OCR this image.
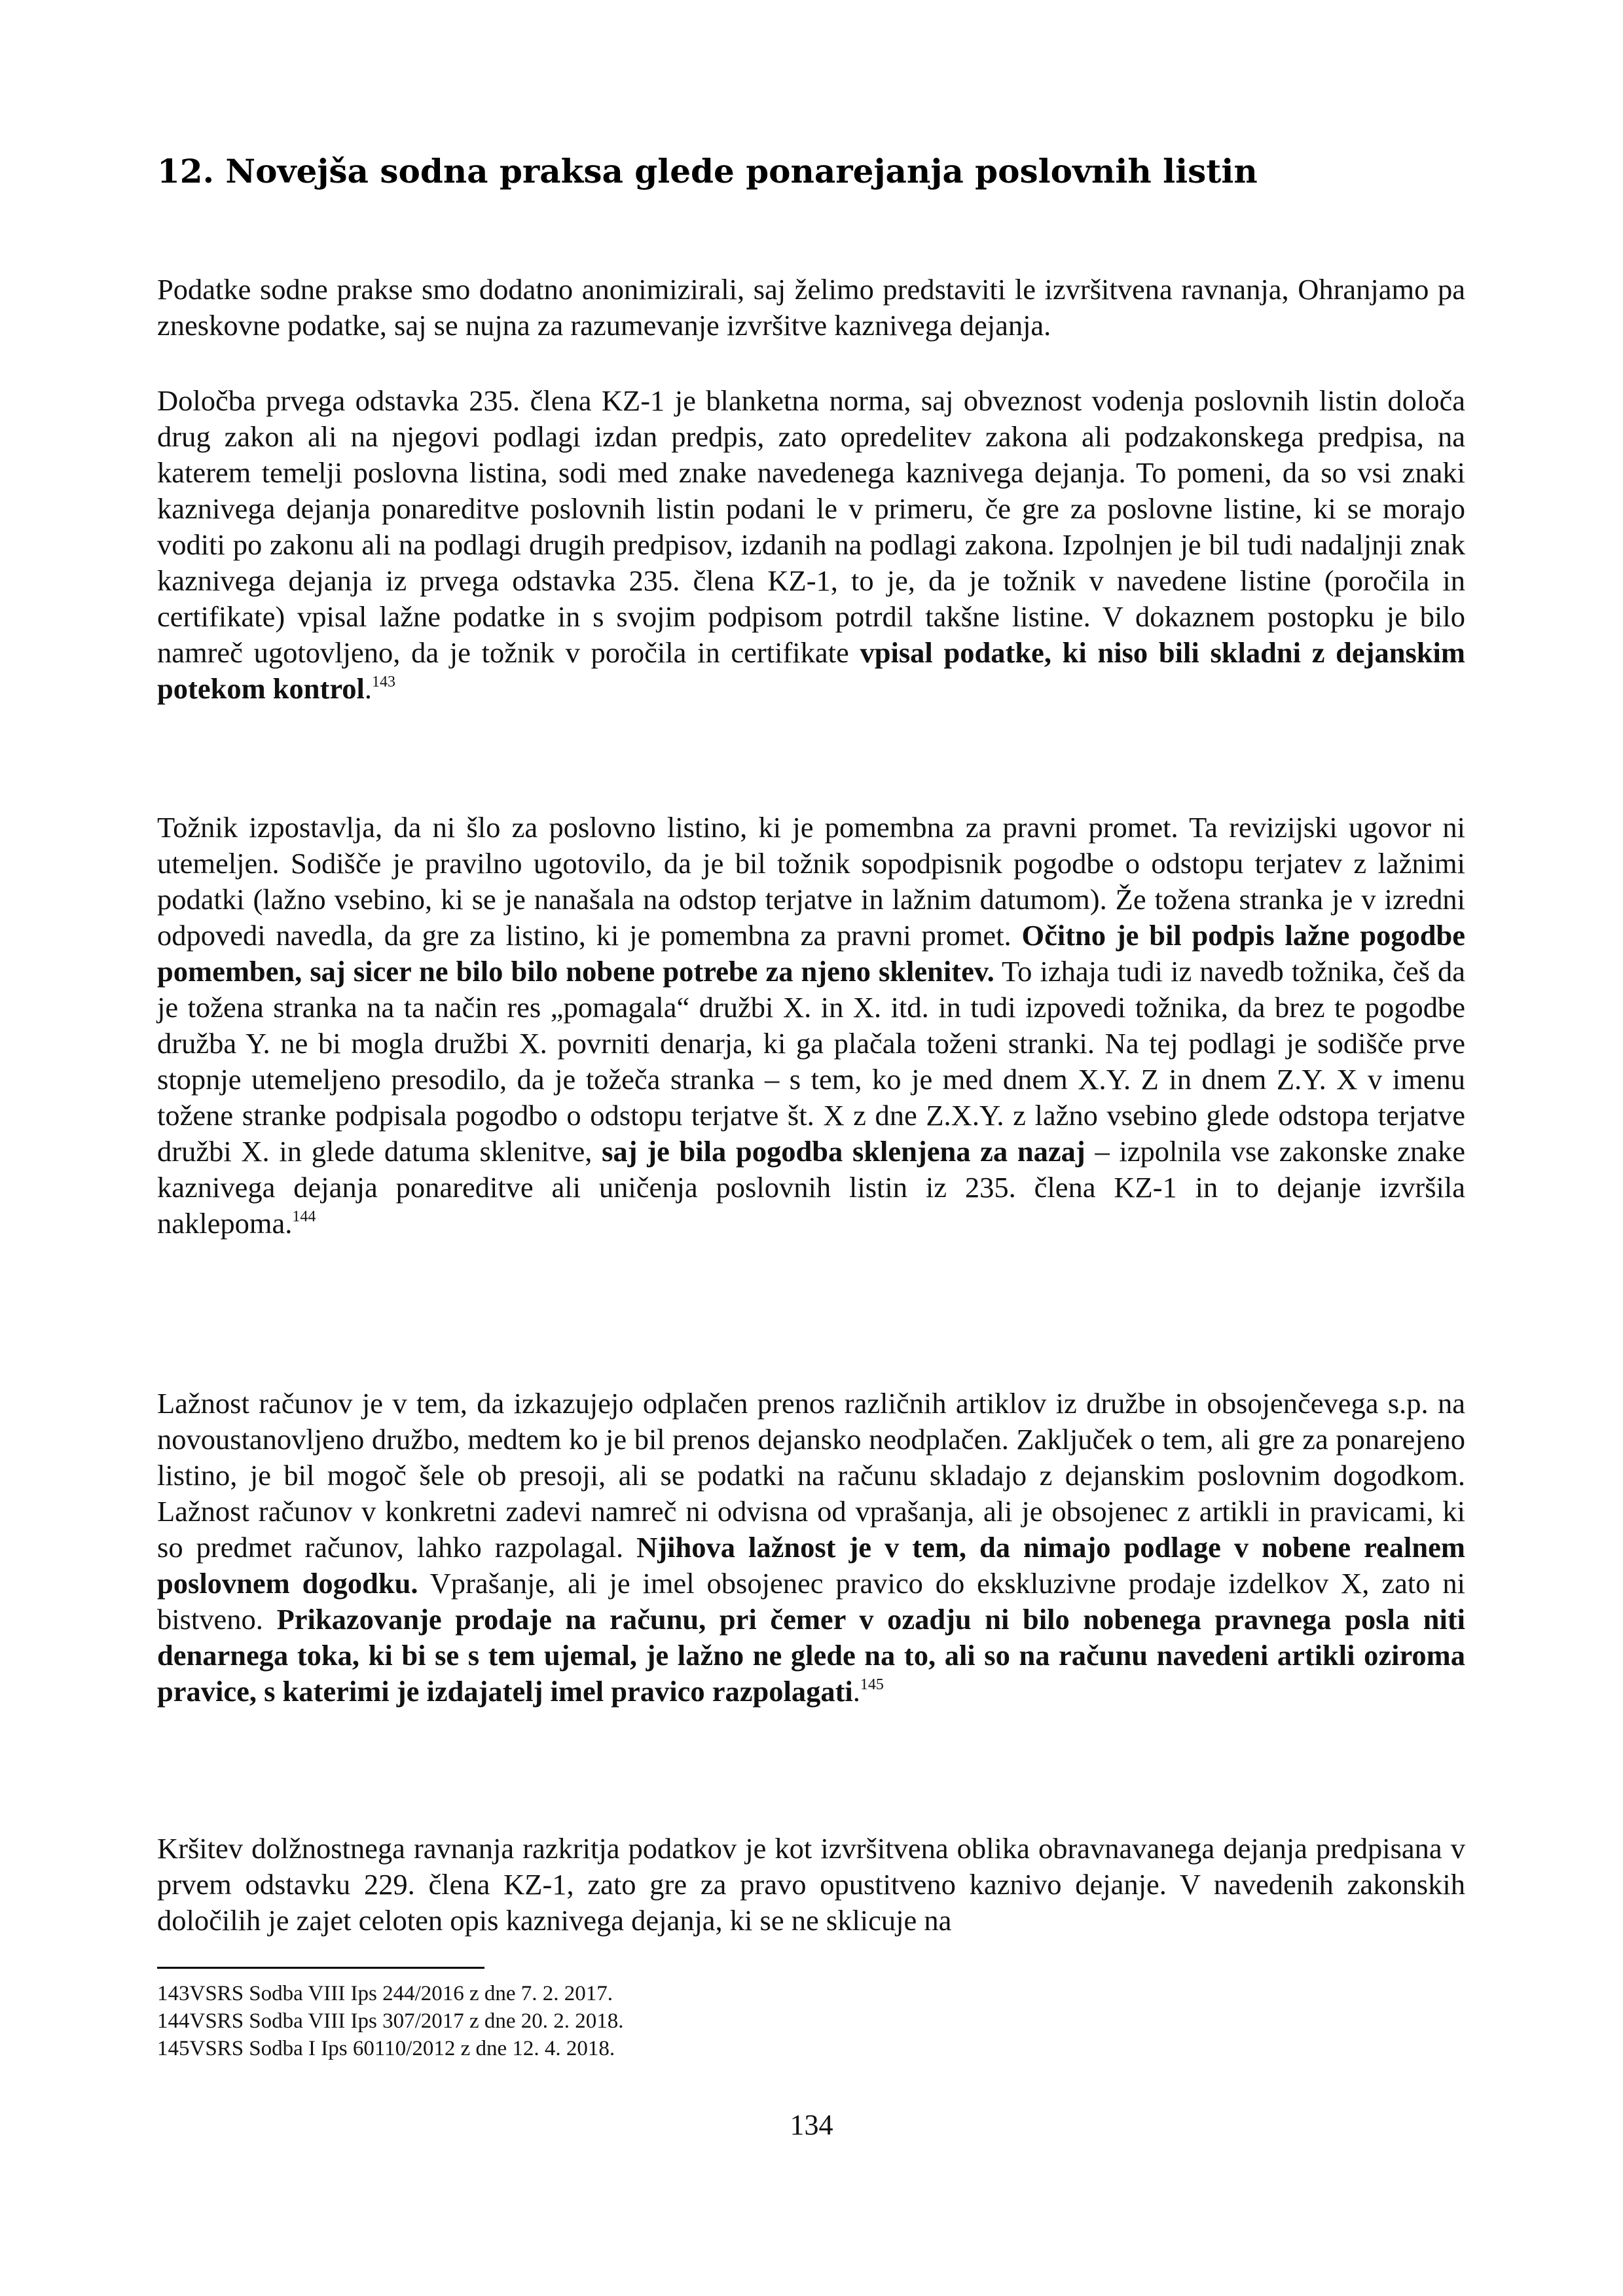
12. Novejša sodna praksa glede ponarejanja poslovnih listin

Podatke sodne prakse smo dodatno anonimizirali, saj želimo predstaviti le izvršitvena ravnanja, Ohranjamo pa zneskovne podatke, saj se nujna za razumevanje izvršitve kaznivega dejanja.

Določba prvega odstavka 235. člena KZ-1 je blanketna norma, saj obveznost vodenja poslovnih listin določa drug zakon ali na njegovi podlagi izdan predpis, zato opredelitev zakona ali podzakonskega predpisa, na katerem temelji poslovna listina, sodi med znake navedenega kaznivega dejanja. To pomeni, da so vsi znaki kaznivega dejanja ponareditve poslovnih listin podani le v primeru, če gre za poslovne listine, ki se morajo voditi po zakonu ali na podlagi drugih predpisov, izdanih na podlagi zakona. Izpolnjen je bil tudi nadaljnji znak kaznivega dejanja iz prvega odstavka 235. člena KZ-1, to je, da je tožnik v navedene listine (poročila in certifikate) vpisal lažne podatke in s svojim podpisom potrdil takšne listine. V dokaznem postopku je bilo namreč ugotovljeno, da je tožnik v poročila in certifikate vpisal podatke, ki niso bili skladni z dejanskim potekom kontrol.$^{143}$

Tožnik izpostavlja, da ni šlo za poslovno listino, ki je pomembna za pravni promet. Ta revizijski ugovor ni utemeljen. Sodišče je pravilno ugotovilo, da je bil tožnik sopodpisnik pogodbe o odstopu terjatev z lažnimi podatki (lažno vsebino, ki se je nanašala na odstop terjatve in lažnim datumom). Že tožena stranka je v izredni odpovedi navedla, da gre za listino, ki je pomembna za pravni promet. Očitno je bil podpis lažne pogodbe pomemben, saj sicer ne bilo bilo nobene potrebe za njeno sklenitev. To izhaja tudi iz navedb tožnika, češ da je tožena stranka na ta način res „pomagala“ družbi X. in X. itd. in tudi izpovedi tožnika, da brez te pogodbe družba Y. ne bi mogla družbi X. povrniti denarja, ki ga plačala toženi stranki. Na tej podlagi je sodišče prve stopnje utemeljeno presodilo, da je tožeča stranka – s tem, ko je med dnem X.Y. Z in dnem Z.Y. X v imenu tožene stranke podpisala pogodbo o odstopu terjatve št. X z dne Z.X.Y. z lažno vsebino glede odstopa terjatve družbi X. in glede datuma sklenitve, saj je bila pogodba sklenjena za nazaj – izpolnila vse zakonske znake kaznivega dejanja ponareditve ali uničenja poslovnih listin iz 235. člena KZ-1 in to dejanje izvršila naklepoma.$^{144}$

Lažnost računov je v tem, da izkazujejo odplačen prenos različnih artiklov iz družbe in obsojenčevega s.p. na novoustanovljeno družbo, medtem ko je bil prenos dejansko neodplačen. Zaključek o tem, ali gre za ponarejeno listino, je bil mogoč šele ob presoji, ali se podatki na računu skladajo z dejanskim poslovnim dogodkom. Lažnost računov v konkretni zadevi namreč ni odvisna od vprašanja, ali je obsojenec z artikli in pravicami, ki so predmet računov, lahko razpolagal. Njihova lažnost je v tem, da nimajo podlage v nobene realnem poslovnem dogodku. Vprašanje, ali je imel obsojenec pravico do ekskluzivne prodaje izdelkov X, zato ni bistveno. Prikazovanje prodaje na računu, pri čemer v ozadju ni bilo nobenega pravnega posla niti denarnega toka, ki bi se s tem ujemal, je lažno ne glede na to, ali so na računu navedeni artikli oziroma pravice, s katerimi je izdajatelj imel pravico razpolagati.$^{145}$

Kršitev dolžnostnega ravnanja razkritja podatkov je kot izvršitvena oblika obravnavanega dejanja predpisana v prvem odstavku 229. člena KZ-1, zato gre za pravo opustitveno kaznivo dejanje. V navedenih zakonskih določilih je zajet celoten opis kaznivega dejanja, ki se ne sklicuje na

143VSRS Sodba VIII Ips 244/2016 z dne 7. 2. 2017.
144VSRS Sodba VIII Ips 307/2017 z dne 20. 2. 2018.
145VSRS Sodba I Ips 60110/2012 z dne 12. 4. 2018.
134
